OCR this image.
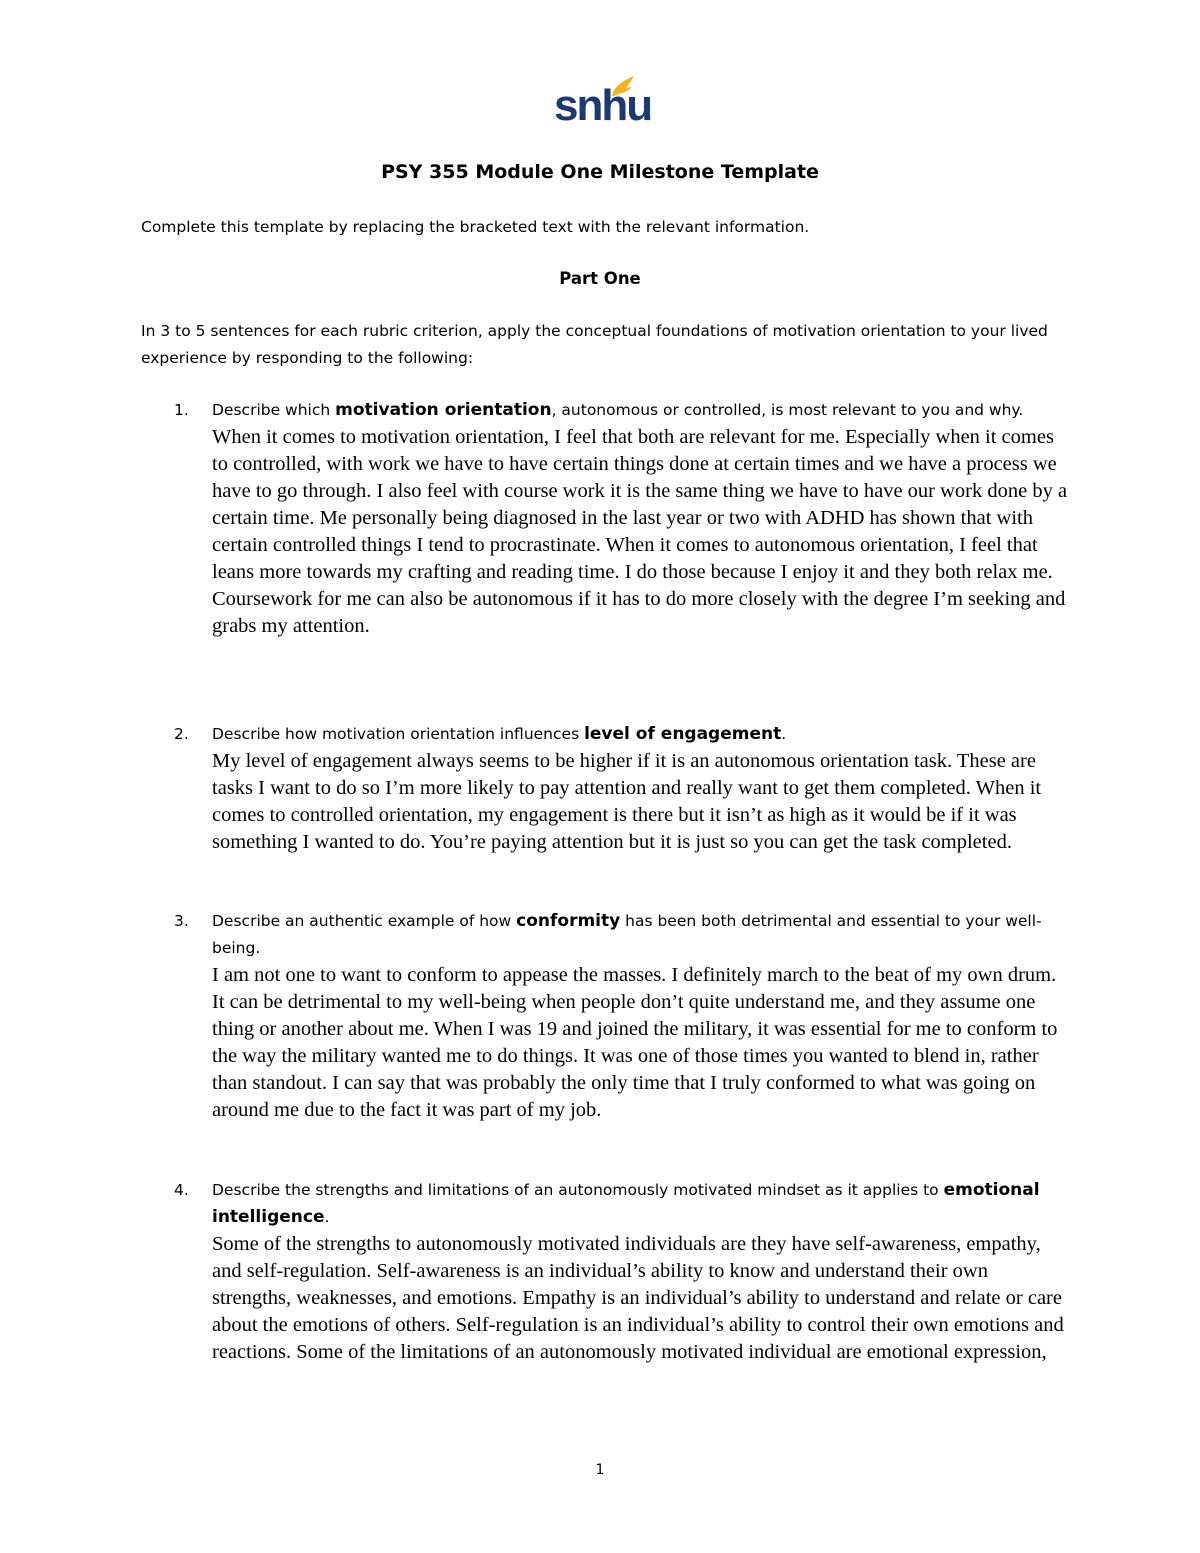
snhu
PSY 355 Module One Milestone Template
Complete this template by replacing the bracketed text with the relevant information.
Part One
In 3 to 5 sentences for each rubric criterion, apply the conceptual foundations of motivation orientation to your lived experience by responding to the following:
1.	Describe which motivation orientation, autonomous or controlled, is most relevant to you and why.

When it comes to motivation orientation, I feel that both are relevant for me. Especially when it comes to controlled, with work we have to have certain things done at certain times and we have a process we have to go through. I also feel with course work it is the same thing we have to have our work done by a certain time. Me personally being diagnosed in the last year or two with ADHD has shown that with certain controlled things I tend to procrastinate. When it comes to autonomous orientation, I feel that leans more towards my crafting and reading time. I do those because I enjoy it and they both relax me. Coursework for me can also be autonomous if it has to do more closely with the degree I’m seeking and grabs my attention.

2.	Describe how motivation orientation influences level of engagement.

My level of engagement always seems to be higher if it is an autonomous orientation task. These are tasks I want to do so I’m more likely to pay attention and really want to get them completed. When it comes to controlled orientation, my engagement is there but it isn’t as high as it would be if it was something I wanted to do. You’re paying attention but it is just so you can get the task completed.

3.	Describe an authentic example of how conformity has been both detrimental and essential to your well-being.

I am not one to want to conform to appease the masses. I definitely march to the beat of my own drum. It can be detrimental to my well-being when people don’t quite understand me, and they assume one thing or another about me. When I was 19 and joined the military, it was essential for me to conform to the way the military wanted me to do things. It was one of those times you wanted to blend in, rather than standout. I can say that was probably the only time that I truly conformed to what was going on around me due to the fact it was part of my job.

4.	Describe the strengths and limitations of an autonomously motivated mindset as it applies to emotional intelligence.

Some of the strengths to autonomously motivated individuals are they have self-awareness, empathy, and self-regulation. Self-awareness is an individual’s ability to know and understand their own strengths, weaknesses, and emotions. Empathy is an individual’s ability to understand and relate or care about the emotions of others. Self-regulation is an individual’s ability to control their own emotions and reactions. Some of the limitations of an autonomously motivated individual are emotional expression,

1
